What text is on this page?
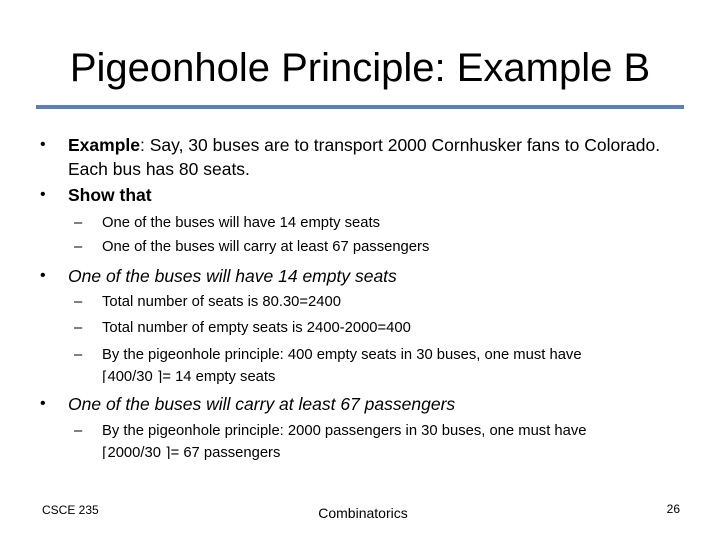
Pigeonhole Principle: Example B
• Example: Say, 30 buses are to transport 2000 Cornhusker fans to Colorado.
Each bus has 80 seats.
• Show that
– One of the buses will have 14 empty seats
– One of the buses will carry at least 67 passengers
• One of the buses will have 14 empty seats
– Total number of seats is 80.30=2400
– Total number of empty seats is 2400-2000=400
– By the pigeonhole principle: 400 empty seats in 30 buses, one must have
⌈400/30 ⌉= 14 empty seats
• One of the buses will carry at least 67 passengers
– By the pigeonhole principle: 2000 passengers in 30 buses, one must have
⌈2000/30 ⌉= 67 passengers
CSCE 235	Combinatorics	26
